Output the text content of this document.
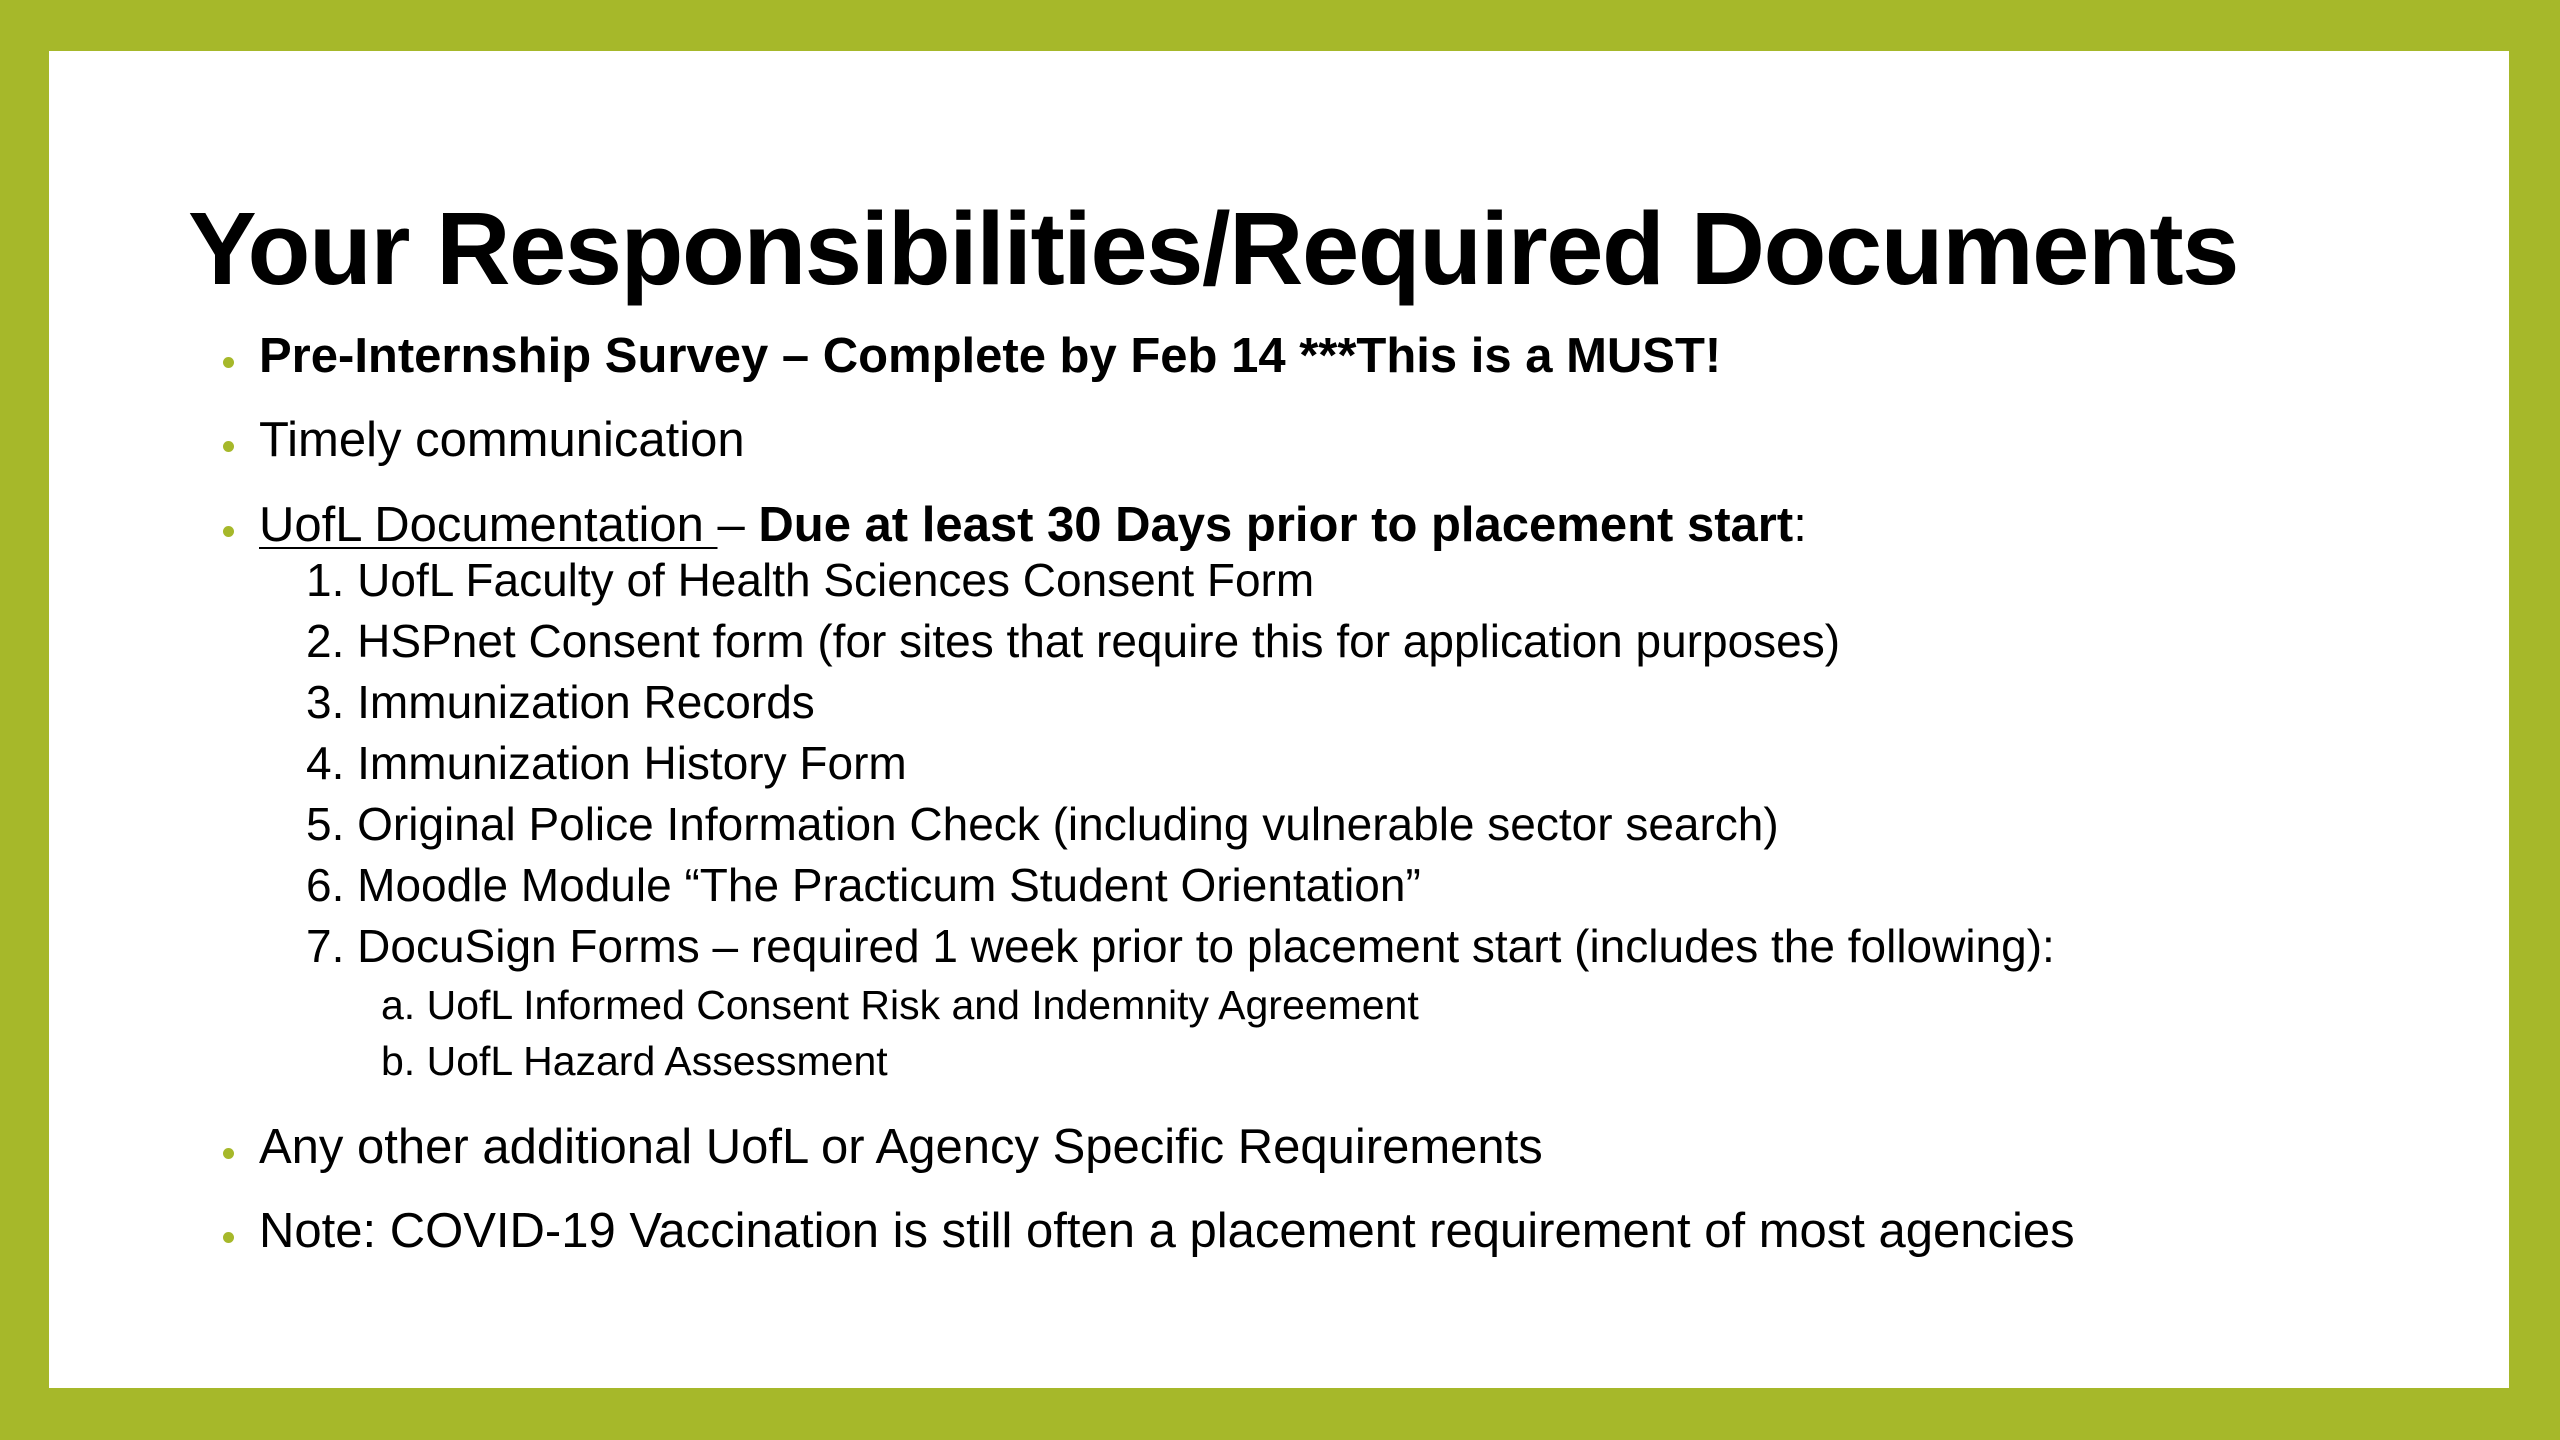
Your Responsibilities/Required Documents
Pre-Internship Survey – Complete by Feb 14 ***This is a MUST!
Timely communication
UofL Documentation – Due at least 30 Days prior to placement start:
1. UofL Faculty of Health Sciences Consent Form
2. HSPnet Consent form (for sites that require this for application purposes)
3. Immunization Records
4. Immunization History Form
5. Original Police Information Check (including vulnerable sector search)
6. Moodle Module “The Practicum Student Orientation”
7. DocuSign Forms – required 1 week prior to placement start (includes the following):
a. UofL Informed Consent Risk and Indemnity Agreement
b. UofL Hazard Assessment
Any other additional UofL or Agency Specific Requirements
Note: COVID-19 Vaccination is still often a placement requirement of most agencies
